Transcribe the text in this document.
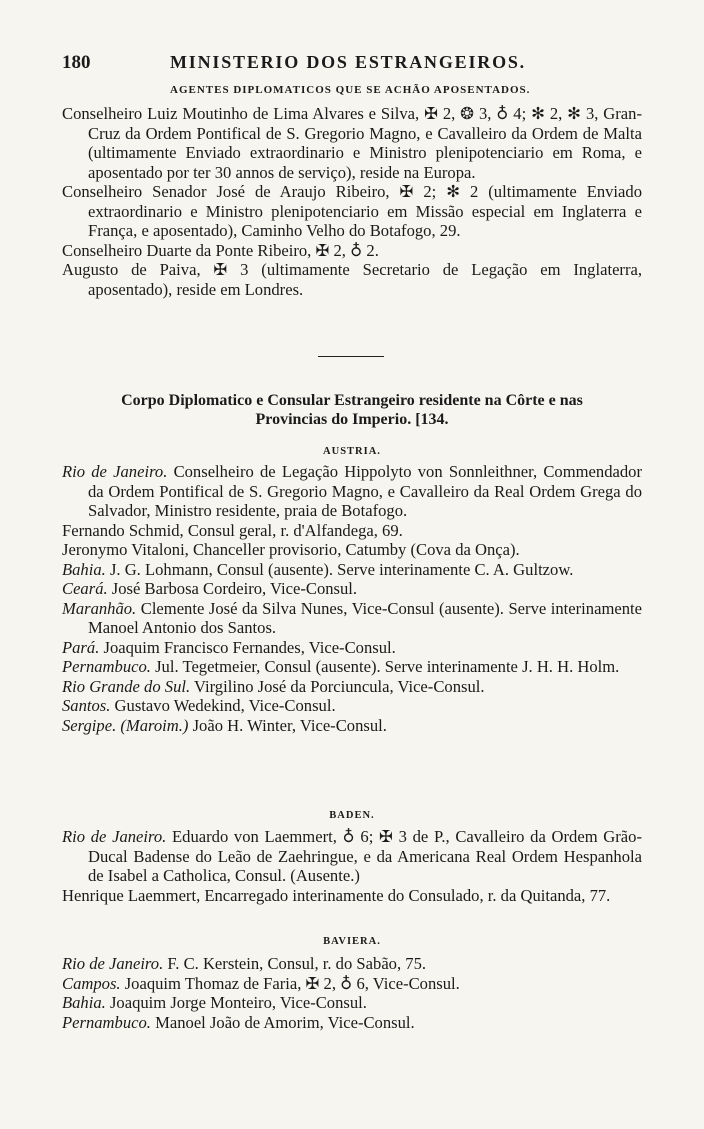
180	MINISTERIO DOS ESTRANGEIROS.
AGENTES DIPLOMATICOS QUE SE ACHÃO APOSENTADOS.

Conselheiro Luiz Moutinho de Lima Alvares e Silva, ✠ 2, ❂ 3, ♁ 4; ✻ 2, ✻ 3, Gran-Cruz da Ordem Pontifical de S. Gregorio Magno, e Cavalleiro da Ordem de Malta (ultimamente Enviado extraordinario e Ministro plenipotenciario em Roma, e aposentado por ter 30 annos de serviço), reside na Europa.

Conselheiro Senador José de Araujo Ribeiro, ✠ 2; ✻ 2 (ultimamente Enviado extraordinario e Ministro plenipotenciario em Missão especial em Inglaterra e França, e aposentado), Caminho Velho do Botafogo, 29.

Conselheiro Duarte da Ponte Ribeiro, ✠ 2, ♁ 2.

Augusto de Paiva, ✠ 3 (ultimamente Secretario de Legação em Inglaterra, aposentado), reside em Londres.

Corpo Diplomatico e Consular Estrangeiro residente na Côrte e nas
Provincias do Imperio. [134.
AUSTRIA.

Rio de Janeiro. Conselheiro de Legação Hippolyto von Sonnleithner, Commendador da Ordem Pontifical de S. Gregorio Magno, e Cavalleiro da Real Ordem Grega do Salvador, Ministro residente, praia de Botafogo.

Fernando Schmid, Consul geral, r. d'Alfandega, 69.

Jeronymo Vitaloni, Chanceller provisorio, Catumby (Cova da Onça).

Bahia. J. G. Lohmann, Consul (ausente). Serve interinamente C. A. Gultzow.

Ceará. José Barbosa Cordeiro, Vice-Consul.

Maranhão. Clemente José da Silva Nunes, Vice-Consul (ausente). Serve interinamente Manoel Antonio dos Santos.

Pará. Joaquim Francisco Fernandes, Vice-Consul.

Pernambuco. Jul. Tegetmeier, Consul (ausente). Serve interinamente J. H. H. Holm.

Rio Grande do Sul. Virgilino José da Porciuncula, Vice-Consul.

Santos. Gustavo Wedekind, Vice-Consul.

Sergipe. (Maroim.) João H. Winter, Vice-Consul.

BADEN.

Rio de Janeiro. Eduardo von Laemmert, ♁ 6; ✠ 3 de P., Cavalleiro da Ordem Grão-Ducal Badense do Leão de Zaehringue, e da Americana Real Ordem Hespanhola de Isabel a Catholica, Consul. (Ausente.)

Henrique Laemmert, Encarregado interinamente do Consulado, r. da Quitanda, 77.

BAVIERA.

Rio de Janeiro. F. C. Kerstein, Consul, r. do Sabão, 75.

Campos. Joaquim Thomaz de Faria, ✠ 2, ♁ 6, Vice-Consul.

Bahia. Joaquim Jorge Monteiro, Vice-Consul.

Pernambuco. Manoel João de Amorim, Vice-Consul.
